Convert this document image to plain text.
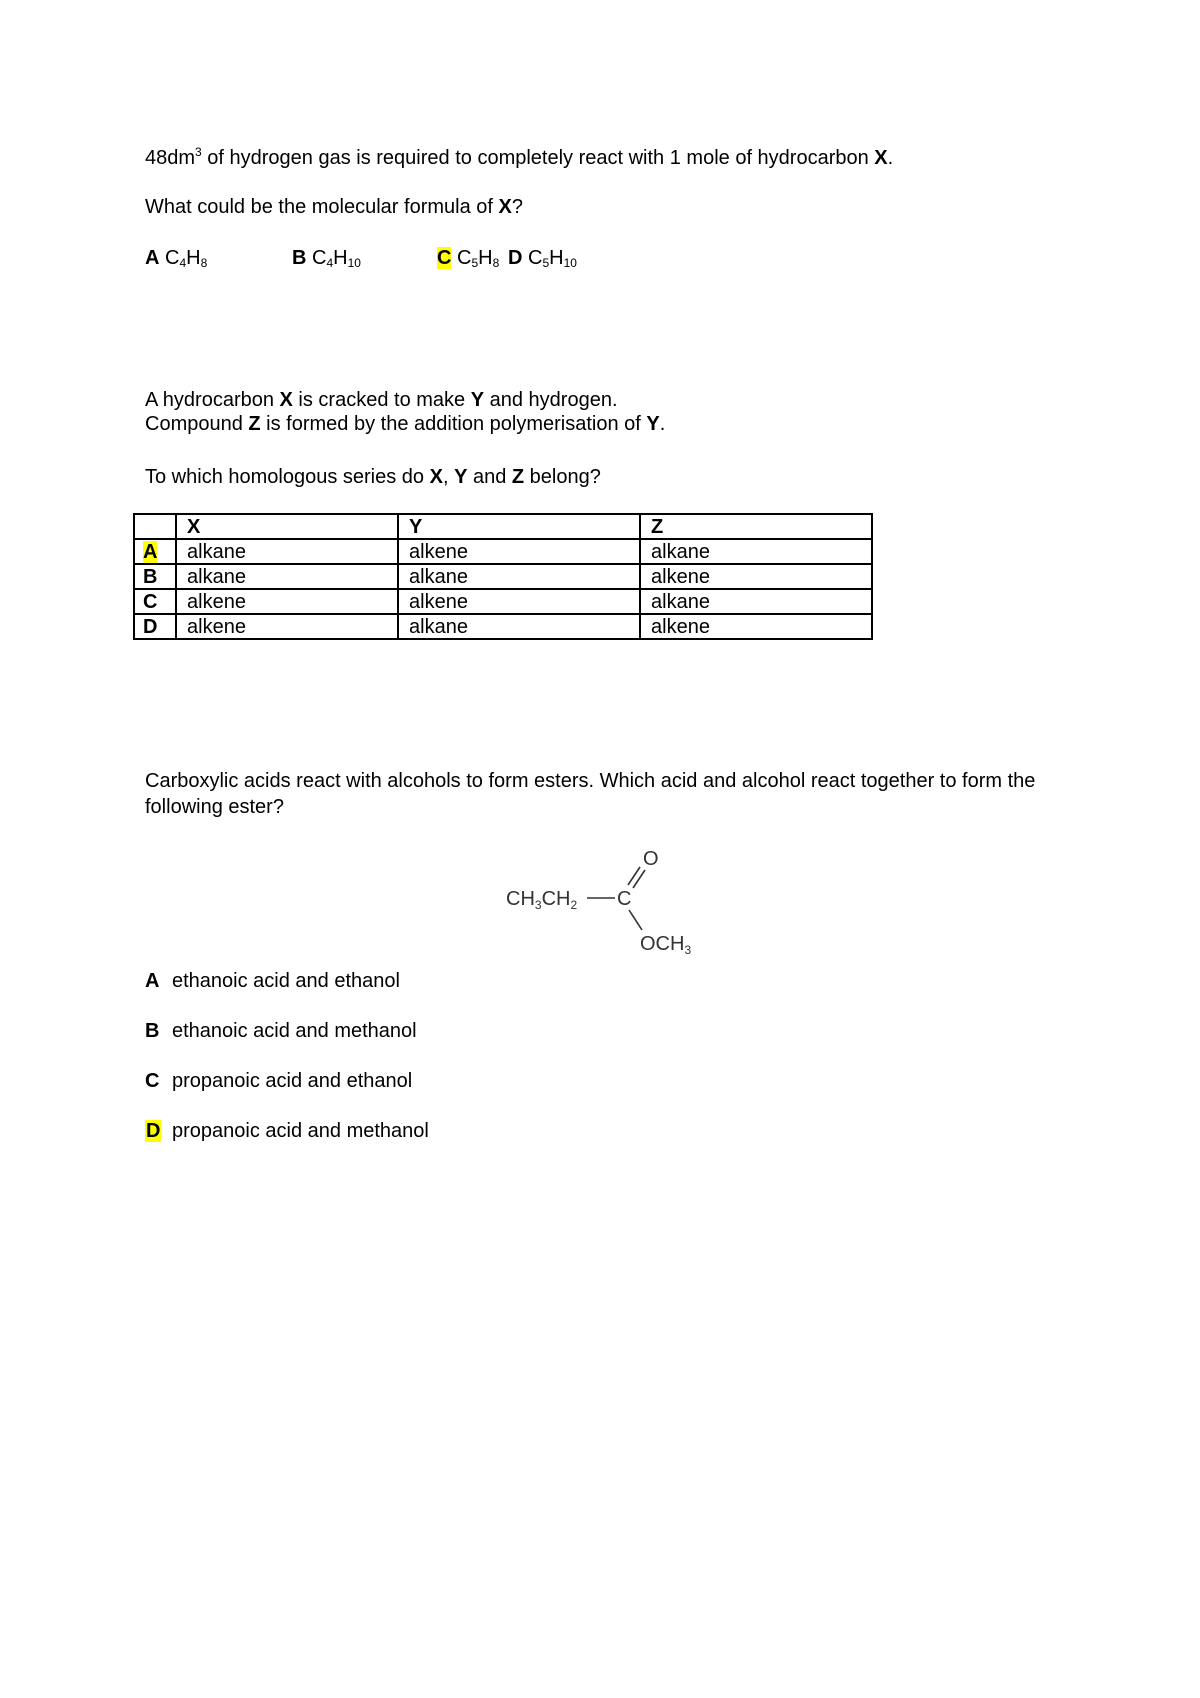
$48dm^3$ of hydrogen gas is required to completely react with 1 mole of hydrocarbon X.
What could be the molecular formula of X?
A $C_4H_8$	B $C_4H_{10}$	C $C_5H_8$ D $C_5H_{10}$
A hydrocarbon X is cracked to make Y and hydrogen.
Compound Z is formed by the addition polymerisation of Y.
To which homologous series do X, Y and Z belong?
	X	Y	Z
A	alkane	alkene	alkane
B	alkane	alkane	alkene
C	alkene	alkene	alkane
D	alkene	alkane	alkene
Carboxylic acids react with alcohols to form esters. Which acid and alcohol react together to form the following ester?
$CH_3CH_2$ C
O
$OCH_3$
A ethanoic acid and ethanol
B ethanoic acid and methanol
C propanoic acid and ethanol
D propanoic acid and methanol
